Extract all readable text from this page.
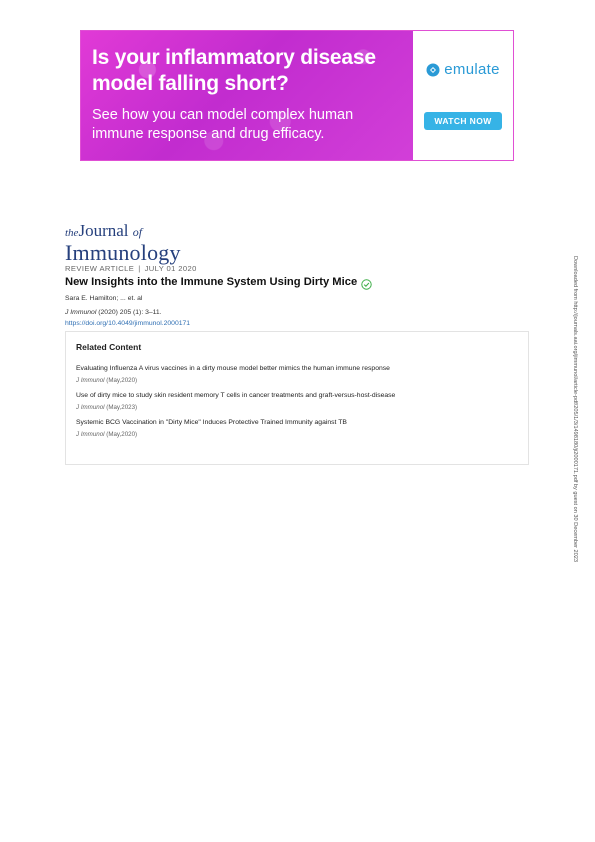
Is your inflammatory disease model falling short?
See how you can model complex human immune response and drug efficacy.
emulate
WATCH NOW
theJournal of
Immunology
REVIEW ARTICLE | JULY 01 2020
New Insights into the Immune System Using Dirty Mice
Sara E. Hamilton; ... et. al
J Immunol (2020) 205 (1): 3–11.
https://doi.org/10.4049/jimmunol.2000171
Related Content
Evaluating Influenza A virus vaccines in a dirty mouse model better mimics the human immune response
J Immunol (May,2020)
Use of dirty mice to study skin resident memory T cells in cancer treatments and graft-versus-host-disease
J Immunol (May,2023)
Systemic BCG Vaccination in "Dirty Mice" Induces Protective Trained Immunity against TB
J Immunol (May,2020)	Downloaded from http://journals.aai.org/jimmunol/article-pdf/205/1/3/1498180/ji2000171.pdf by guest on 30 December 2023
